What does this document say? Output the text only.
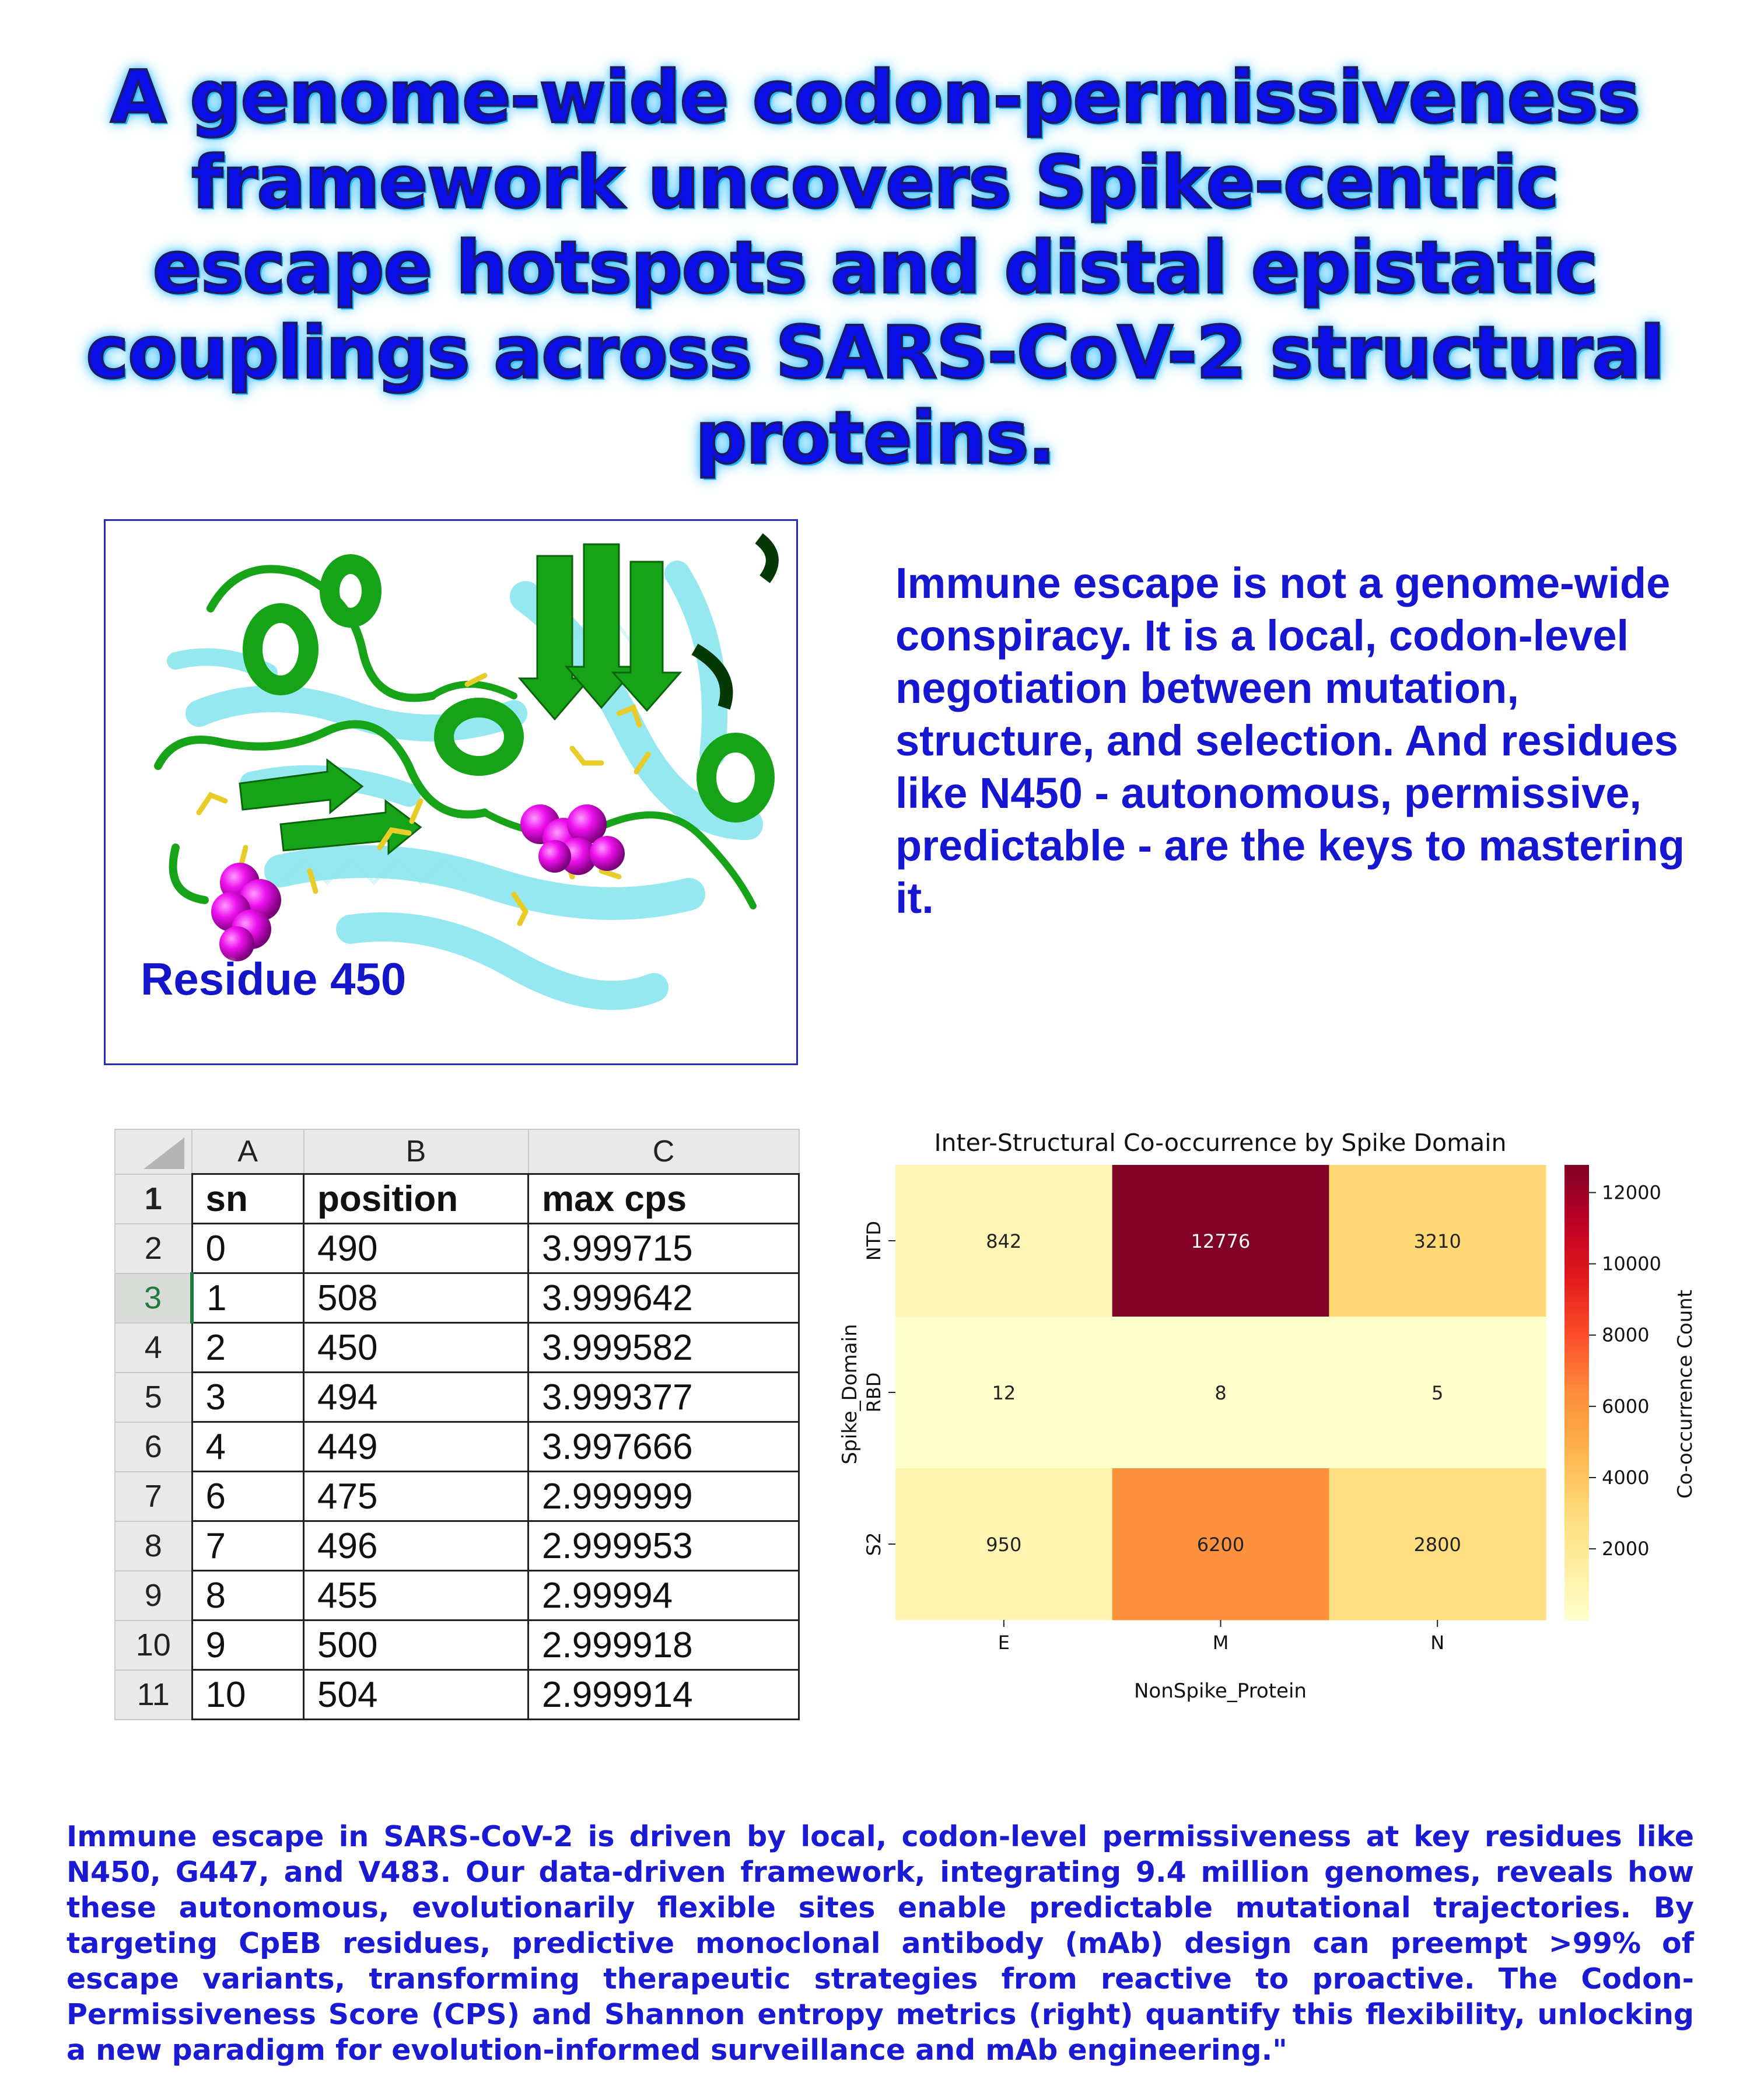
A genome-wide codon-permissiveness framework uncovers Spike-centric escape hotspots and distal epistatic couplings across SARS-CoV-2 structural proteins.
Residue 450
Immune escape is not a genome-wide conspiracy. It is a local, codon-level negotiation between mutation, structure, and selection. And residues like N450 - autonomous, permissive, predictable - are the keys to mastering it.
	A	B	C
1	sn	position	max cps
2	0	490	3.999715
3	1	508	3.999642
4	2	450	3.999582
5	3	494	3.999377
6	4	449	3.997666
7	6	475	2.999999
8	7	496	2.999953
9	8	455	2.99994
10	9	500	2.999918
11	10	504	2.999914
Inter-Structural Co-occurrence by Spike Domain
NonSpike_Protein
Spike_Domain	Co-occurrence Count
842	12776	3210
12	8	5
950	6200	2800
E	M	N
NTD
RBD
S2	2000
4000
6000
8000
10000
12000
Immune escape in SARS-CoV-2 is driven by local, codon-level permissiveness at key residues like N450, G447, and V483. Our data-driven framework, integrating 9.4 million genomes, reveals how these autonomous, evolutionarily flexible sites enable predictable mutational trajectories. By targeting CpEB residues, predictive monoclonal antibody (mAb) design can preempt >99% of escape variants, transforming therapeutic strategies from reactive to proactive. The Codon-Permissiveness Score (CPS) and Shannon entropy metrics (right) quantify this flexibility, unlocking a new paradigm for evolution-informed surveillance and mAb engineering."
